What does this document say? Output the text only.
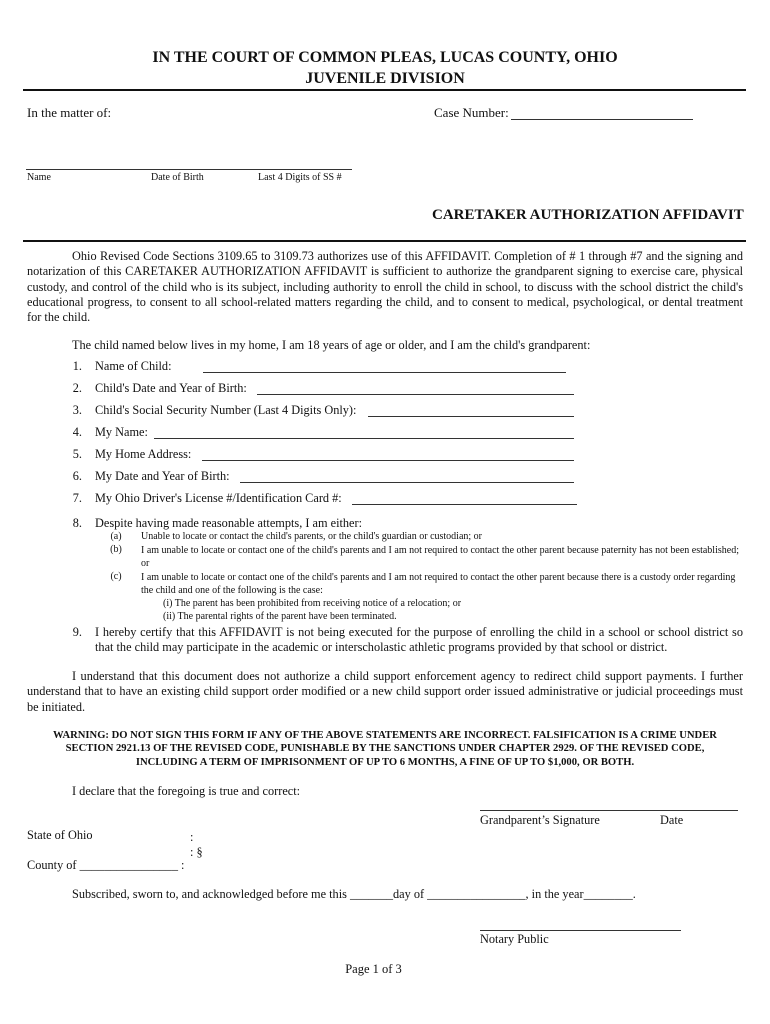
IN THE COURT OF COMMON PLEAS, LUCAS COUNTY, OHIO
JUVENILE DIVISION
In the matter of:	Case Number:
Name	Date of Birth	Last 4 Digits of SS #
CARETAKER AUTHORIZATION AFFIDAVIT
Ohio Revised Code Sections 3109.65 to 3109.73 authorizes use of this AFFIDAVIT. Completion of # 1 through #7 and the signing and notarization of this CARETAKER AUTHORIZATION AFFIDAVIT is sufficient to authorize the grandparent signing to exercise care, physical custody, and control of the child who is its subject, including authority to enroll the child in school, to discuss with the school district the child's educational progress, to consent to all school-related matters regarding the child, and to consent to medical, psychological, or dental treatment for the child.
The child named below lives in my home, I am 18 years of age or older, and I am the child's grandparent:
1. Name of Child:
2. Child's Date and Year of Birth:
3. Child's Social Security Number (Last 4 Digits Only):
4. My Name:
5. My Home Address:
6. My Date and Year of Birth:
7. My Ohio Driver's License #/Identification Card #:
8. Despite having made reasonable attempts, I am either:
(a)	Unable to locate or contact the child's parents, or the child's guardian or custodian; or
(b)	I am unable to locate or contact one of the child's parents and I am not required to contact the other parent because paternity has not been established; or
(c)	I am unable to locate or contact one of the child's parents and I am not required to contact the other parent because there is a custody order regarding the child and one of the following is the case:
(i) The parent has been prohibited from receiving notice of a relocation; or
(ii) The parental rights of the parent have been terminated.
9. I hereby certify that this AFFIDAVIT is not being executed for the purpose of enrolling the child in a school or school district so that the child may participate in the academic or interscholastic athletic programs provided by that school or district.
I understand that this document does not authorize a child support enforcement agency to redirect child support payments. I further understand that to have an existing child support order modified or a new child support order issued administrative or judicial proceedings must be initiated.
WARNING: DO NOT SIGN THIS FORM IF ANY OF THE ABOVE STATEMENTS ARE INCORRECT. FALSIFICATION IS A CRIME UNDER SECTION 2921.13 OF THE REVISED CODE, PUNISHABLE BY THE SANCTIONS UNDER CHAPTER 2929. OF THE REVISED CODE, INCLUDING A TERM OF IMPRISONMENT OF UP TO 6 MONTHS, A FINE OF UP TO $1,000, OR BOTH.
I declare that the foregoing is true and correct:
Grandparent’s Signature	Date
State of Ohio	:
: §
County of ________________ :
Subscribed, sworn to, and acknowledged before me this _______day of ________________, in the year________.
Notary Public
Page 1 of 3
